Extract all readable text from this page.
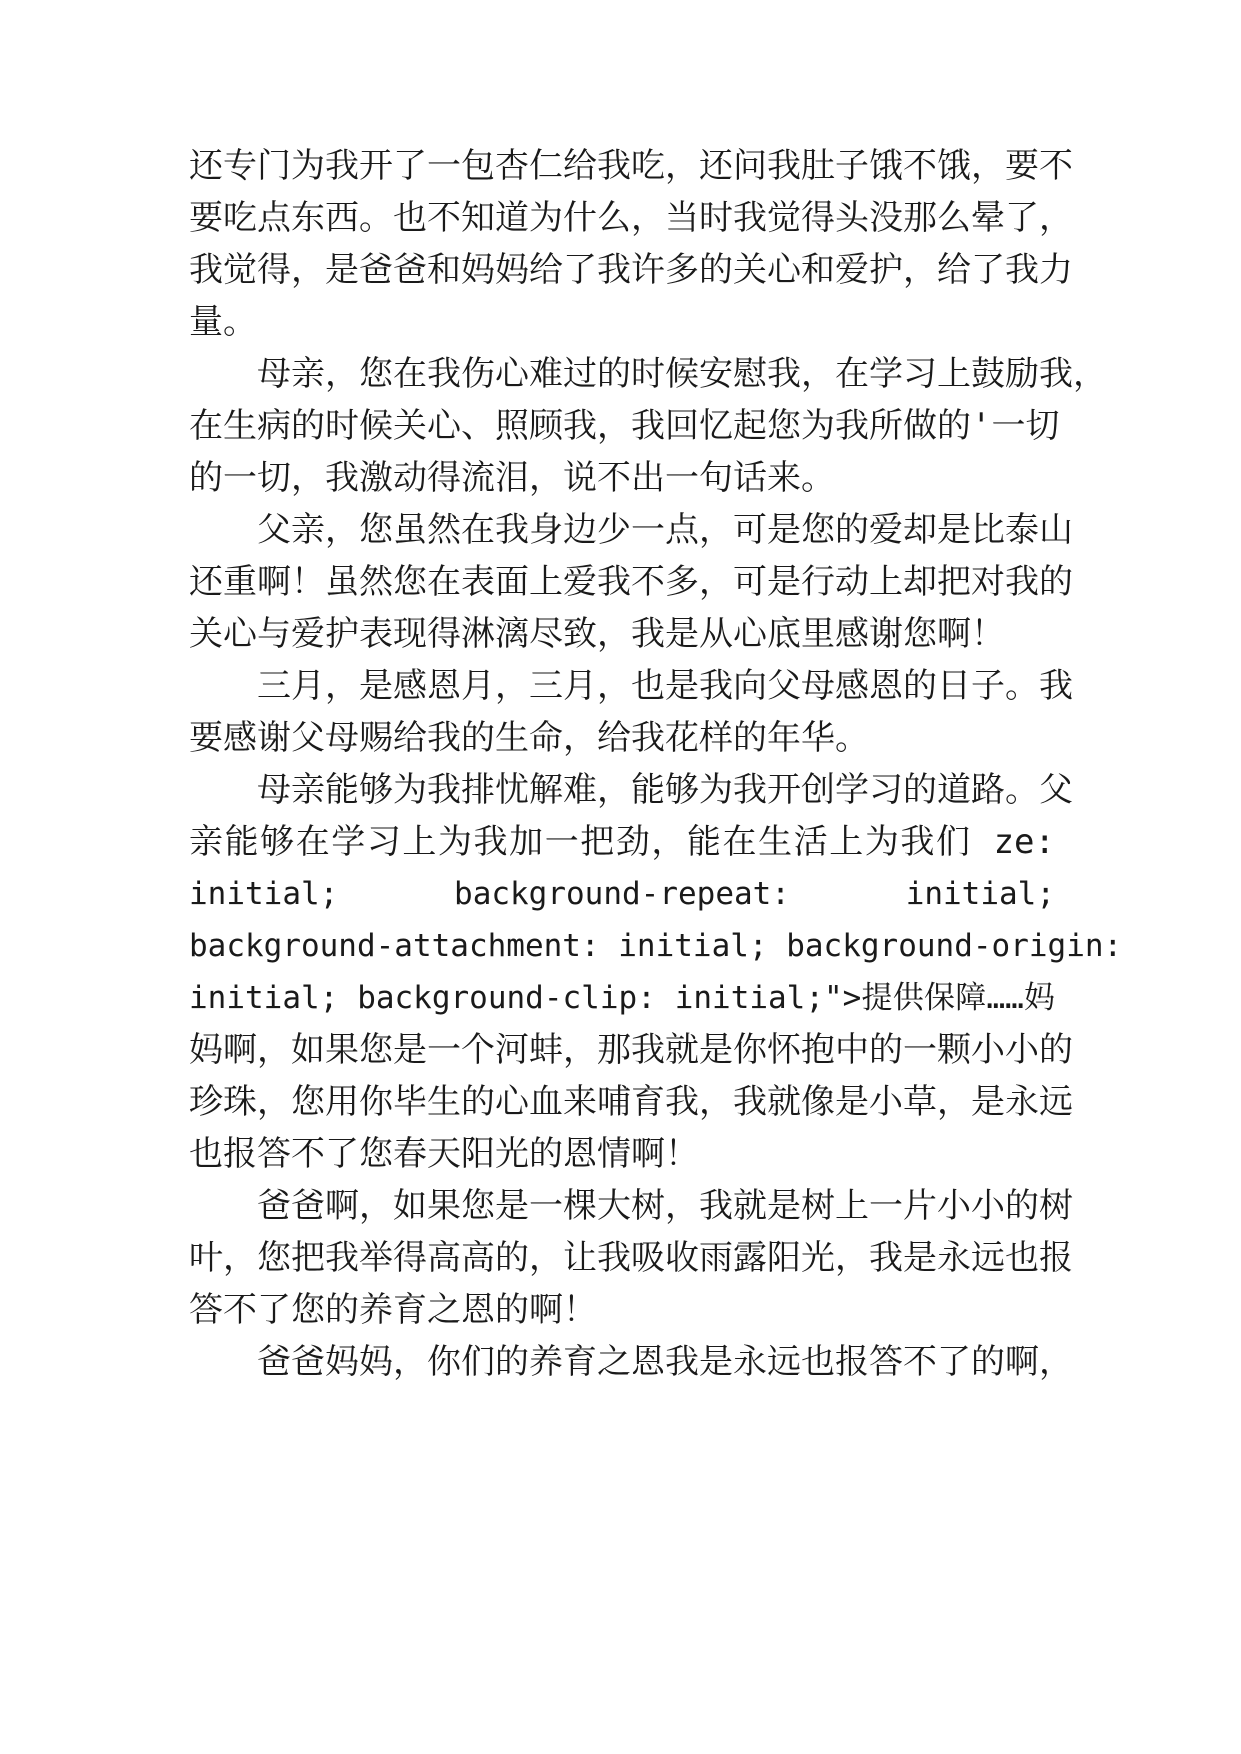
还专门为我开了一包杏仁给我吃，还问我肚子饿不饿，要不
要吃点东西。也不知道为什么，当时我觉得头没那么晕了，
我觉得，是爸爸和妈妈给了我许多的关心和爱护，给了我力
量。
母亲，您在我伤心难过的时候安慰我，在学习上鼓励我，
在生病的时候关心、照顾我，我回忆起您为我所做的'一切
的一切，我激动得流泪，说不出一句话来。
父亲，您虽然在我身边少一点，可是您的爱却是比泰山
还重啊！虽然您在表面上爱我不多，可是行动上却把对我的
关心与爱护表现得淋漓尽致，我是从心底里感谢您啊！
三月，是感恩月，三月，也是我向父母感恩的日子。我
要感谢父母赐给我的生命，给我花样的年华。
母亲能够为我排忧解难，能够为我开创学习的道路。父
亲能够在学习上为我加一把劲，能在生活上为我们 ze:
initial; background-repeat: initial;
background-attachment: initial; background-origin:
initial; background-clip: initial;">提供保障……妈
妈啊，如果您是一个河蚌，那我就是你怀抱中的一颗小小的
珍珠，您用你毕生的心血来哺育我，我就像是小草，是永远
也报答不了您春天阳光的恩情啊！
爸爸啊，如果您是一棵大树，我就是树上一片小小的树
叶，您把我举得高高的，让我吸收雨露阳光，我是永远也报
答不了您的养育之恩的啊！
爸爸妈妈，你们的养育之恩我是永远也报答不了的啊，
